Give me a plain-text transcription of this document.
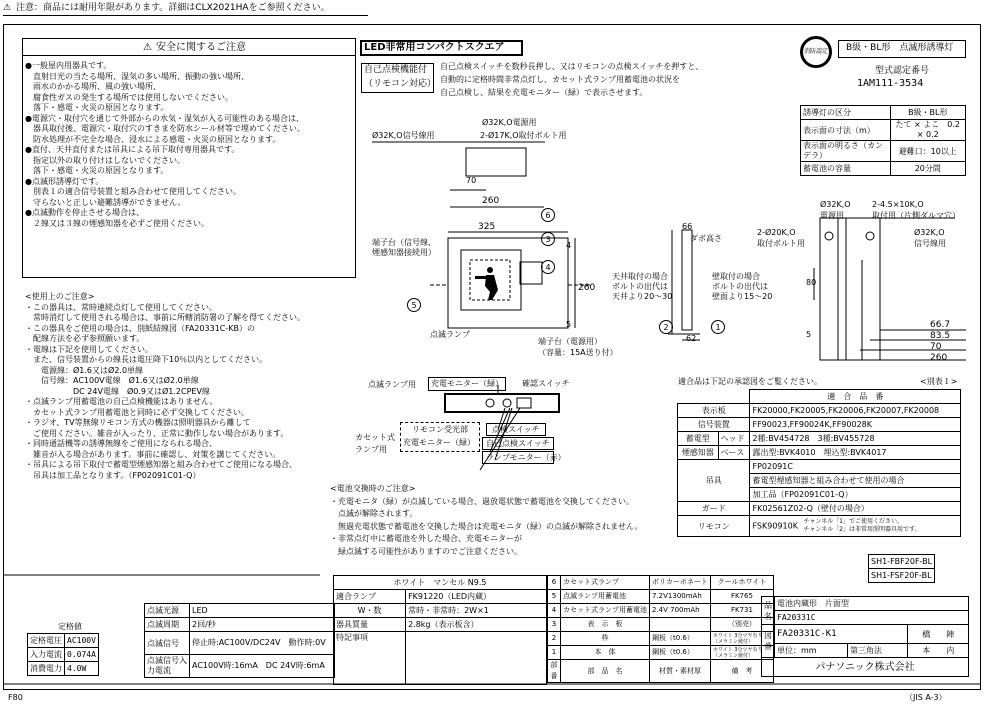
⚠ 注意：商品には耐用年限があります。詳細はCLX2021HAをご参照ください。
⚠ 安全に関するご注意
●一般屋内用器具です。
　直射日光の当たる場所、湿気の多い場所、振動の強い場所、
　雨水のかかる場所、風の強い場所、
　腐食性ガスの発生する場所では使用しないでください。
　落下・感電・火災の原因となります。
●電源穴・取付穴を通じて外部からの水気・湿気が入る可能性のある場合は、
　器具取付後、電源穴・取付穴のすきまを防水シール材等で埋めてください。
　防水処理が不完全な場合、浸水による感電・火災の原因となります。
●直付、天井直付または吊具による吊下取付専用器具です。
　指定以外の取り付けはしないでください。
　落下・感電・火災の原因となります。
●点滅形誘導灯です。
　別表１の適合信号装置と組み合わせて使用してください。
　守らないと正しい避難誘導ができません。
●点滅動作を停止させる場合は、
　２線又は３線の煙感知器を必ずご使用ください。
<使用上のご注意>
・この器具は、常時連続点灯して使用してください。
　常時消灯して使用される場合は、事前に所轄消防署の了解を得てください。
・この器具をご使用の場合は、別紙結線図（FA20331C-KB）の
　配線方法を必ず参照願います。
・電線は下記を使用してください。
　また、信号装置からの線長は電圧降下10％以内としてください。
　　電源線：Ø1.6又はØ2.0単線
　　信号線：AC100V電線　Ø1.6又はØ2.0単線
　　　　　　DC 24V電線　Ø0.9又はØ1.2CPEV線
・点滅ランプ用蓄電池の自己点検機能はありません。
　カセット式ランプ用蓄電池と同時に必ず交換してください。
・ラジオ、TV等無線リモコン方式の機器は照明器具から離して
　ご使用ください。雑音が入ったり、正常に動作しない場合があります。
・同時通話機等の誘導無線をご使用になられる場合、
　雑音が入る場合があります。事前に確認し、対策を講じてください。
・吊具による吊下取付で蓄電型煙感知器と組み合わせてご使用になる場合、
　吊具は加工品となります。（FP02091C01-Q）
LED非常用コンパクトスクエア
自己点検機能付
（リモコン対応）
自己点検スイッチを数秒長押し、又はリモコンの点検スイッチを押すと、
自動的に定格時間非常点灯し、カセット式ランプ用蓄電池の状況を
自己点検し、結果を充電モニター（緑）で表示させます。
消防認定	B級・BL形　点滅形誘導灯
型式認定番号
1AM111-3534
誘導灯の区分	B級・BL形
表示面の寸法（m）	たて × よこ　0.2 × 0.2
表示面の明るさ（カンデラ）	避難口：10以上
蓄電池の容量	20分間
Ø32K,O信号線用
Ø32K,O電源用
2-Ø17K,O取付ボルト用
70
260
325
260
4
5
66
ダボ高さ
62
天井取付の場合
ボルトの出代は
天井より20～30
壁取付の場合
ボルトの出代は
壁面より15～20
端子台（信号線、
煙感知器接続用）
点滅ランプ
端子台（電源用）
（容量：15A送り付）
6
3
4
5
2	1
Ø32K,O
電源用
2-4.5×10K,O
取付用（片側ダルマ穴）
2-Ø20K,O
取付ボルト用
Ø32K,O
信号線用
80
5
66.7
83.5
70
260
点滅ランプ用 充電モニター（緑） 確認スイッチ
カセット式
ランプ用
リモコン受光部
充電モニター（緑）
点検スイッチ
自己点検スイッチ
ランプモニター（赤）
<電池交換時のご注意>
・充電モニタ（緑）が点滅している場合、過放電状態で蓄電池を交換してください。
　点滅が解除されます。
　無過充電状態で蓄電池を交換した場合は充電モニタ（緑）の点滅が解除されません。
・非常点灯中に蓄電池を外した場合、充電モニターが
　緑点滅する可能性がありますのでご注意ください。
適合品は下記の承認図をご覧ください。	<別表１>
		適　合　品　番
表示板		FK20000,FK20005,FK20006,FK20007,FK20008
信号装置		FF90023,FF90024K,FF90028K
蓄電型	ヘッド	2種:BV454728　3種:BV455728
煙感知器	ベース	露出型:BVK4010　埋込型:BVK4017
吊具		FP02091C
		蓄電型煙感知器と組み合わせて使用の場合
		加工品（FP02091C01-Q）
ガード		FK02561Z02-Q（壁付の場合）
リモコン		FSK90910K チャンネル「1」でご使用ください。
チャンネル「2」は非常用照明器具用です。
SH1-FBF20F-BL
SH1-FSF20F-BL
定格値
定格電圧	AC100V
入力電流	0.074A
消費電力	4.0W
点滅光源	LED
点滅周期	2回/秒
点滅信号	停止時:AC100V/DC24V　動作時:0V
点滅信号入力電流	AC100V時:16mA　DC 24V時:6mA
ホワイト　マンセル N9.5	
適合ランプ	FK91220（LED内蔵）
W・数	常時・非常時：2W×1
器具質量	2.8kg（表示板含）
特記事項	
6	カセット式ランプ	ポリカーボネート	クールホワイト
5	点滅ランプ用蓄電池	7.2V1300mAh	FK765
4	カセット式ランプ用蓄電池	2.4V 700mAh	FK731
3	表　示　板		（別売）
2	枠	鋼板（t0.6）	ホワイト 3分ツヤ有り（メラミン焼付）
1	本　体	鋼板（t0.6）	ホワイト 3分ツヤ有り（メラミン焼付）
部番	部　品　名	材質・素材厚	備　考
品名	電池内蔵形　片面型		
	FA20331C		
図番	FA20331C-K1		橋　　陣
	単位：mm	第三角法	本　　内
パナソニック株式会社			
F80	（JIS A-3）
